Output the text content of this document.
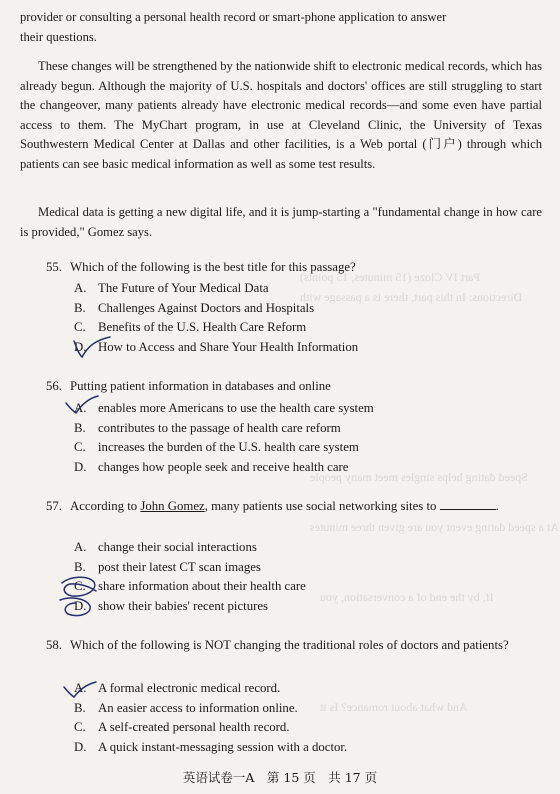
Part IV Cloze (15 minutes, 15 points)
Directions: In this part, there is a passage with
Speed dating helps singles meet many people
At a speed dating event you are given three minutes
If, by the end of a conversation, you
And what about romance? Is it

provider or consulting a personal health record or smart-phone application to answer
their questions.

These changes will be strengthened by the nationwide shift to electronic medical records, which has already begun. Although the majority of U.S. hospitals and doctors' offices are still struggling to start the changeover, many patients already have electronic medical records—and some even have partial access to them. The MyChart program, in use at Cleveland Clinic, the University of Texas Southwestern Medical Center at Dallas and other facilities, is a Web portal (门户) through which patients can see basic medical information as well as some test results.

Medical data is getting a new digital life, and it is jump-starting a "fundamental change in how care is provided," Gomez says.

55. Which of the following is the best title for this passage?

A. The Future of Your Medical Data
B. Challenges Against Doctors and Hospitals
C. Benefits of the U.S. Health Care Reform
D. How to Access and Share Your Health Information

56. Putting patient information in databases and online

A. enables more Americans to use the health care system
B. contributes to the passage of health care reform
C. increases the burden of the U.S. health care system
D. changes how people seek and receive health care

57. According to John Gomez, many patients use social networking sites to	.

A. change their social interactions
B. post their latest CT scan images
C. share information about their health care
D. show their babies' recent pictures

58. Which of the following is NOT changing the traditional roles of doctors and patients?

A. A formal electronic medical record.
B. An easier access to information online.
C. A self-created personal health record.
D. A quick instant-messaging session with a doctor.
英语试卷一A　第 15 页　共 17 页
